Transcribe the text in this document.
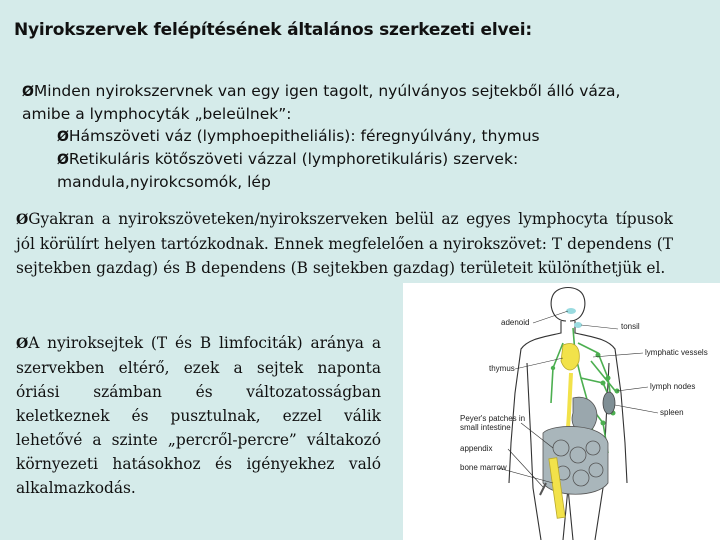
Nyirokszervek felépítésének általános szerkezeti elvei:
ØMinden nyirokszervnek van egy igen tagolt, nyúlványos sejtekből álló váza,
amibe a lymphocyták „beleülnek”:
ØHámszöveti váz (lymphoepitheliális): féregnyúlvány, thymus
ØRetikuláris kötőszöveti vázzal (lymphoretikuláris) szervek:
mandula,nyirokcsomók, lép
ØGyakran a nyirokszöveteken/nyirokszerveken belül az egyes lymphocyta típusok jól körülírt helyen tartózkodnak. Ennek megfelelően a nyirokszövet: T dependens (T sejtekben gazdag) és B dependens (B sejtekben gazdag) területeit különíthetjük el.
ØA nyiroksejtek (T és B limfociták) aránya a szervekben eltérő, ezek a sejtek naponta óriási számban és változatosságban keletkeznek és pusztulnak, ezzel válik lehetővé a szinte „percről-percre” váltakozó környezeti hatásokhoz és igényekhez való alkalmazkodás.
adenoid	tonsil
thymus
lymphatic vessels
lymph nodes
Peyer's patches in
small intestine
spleen
appendix
bone marrow
